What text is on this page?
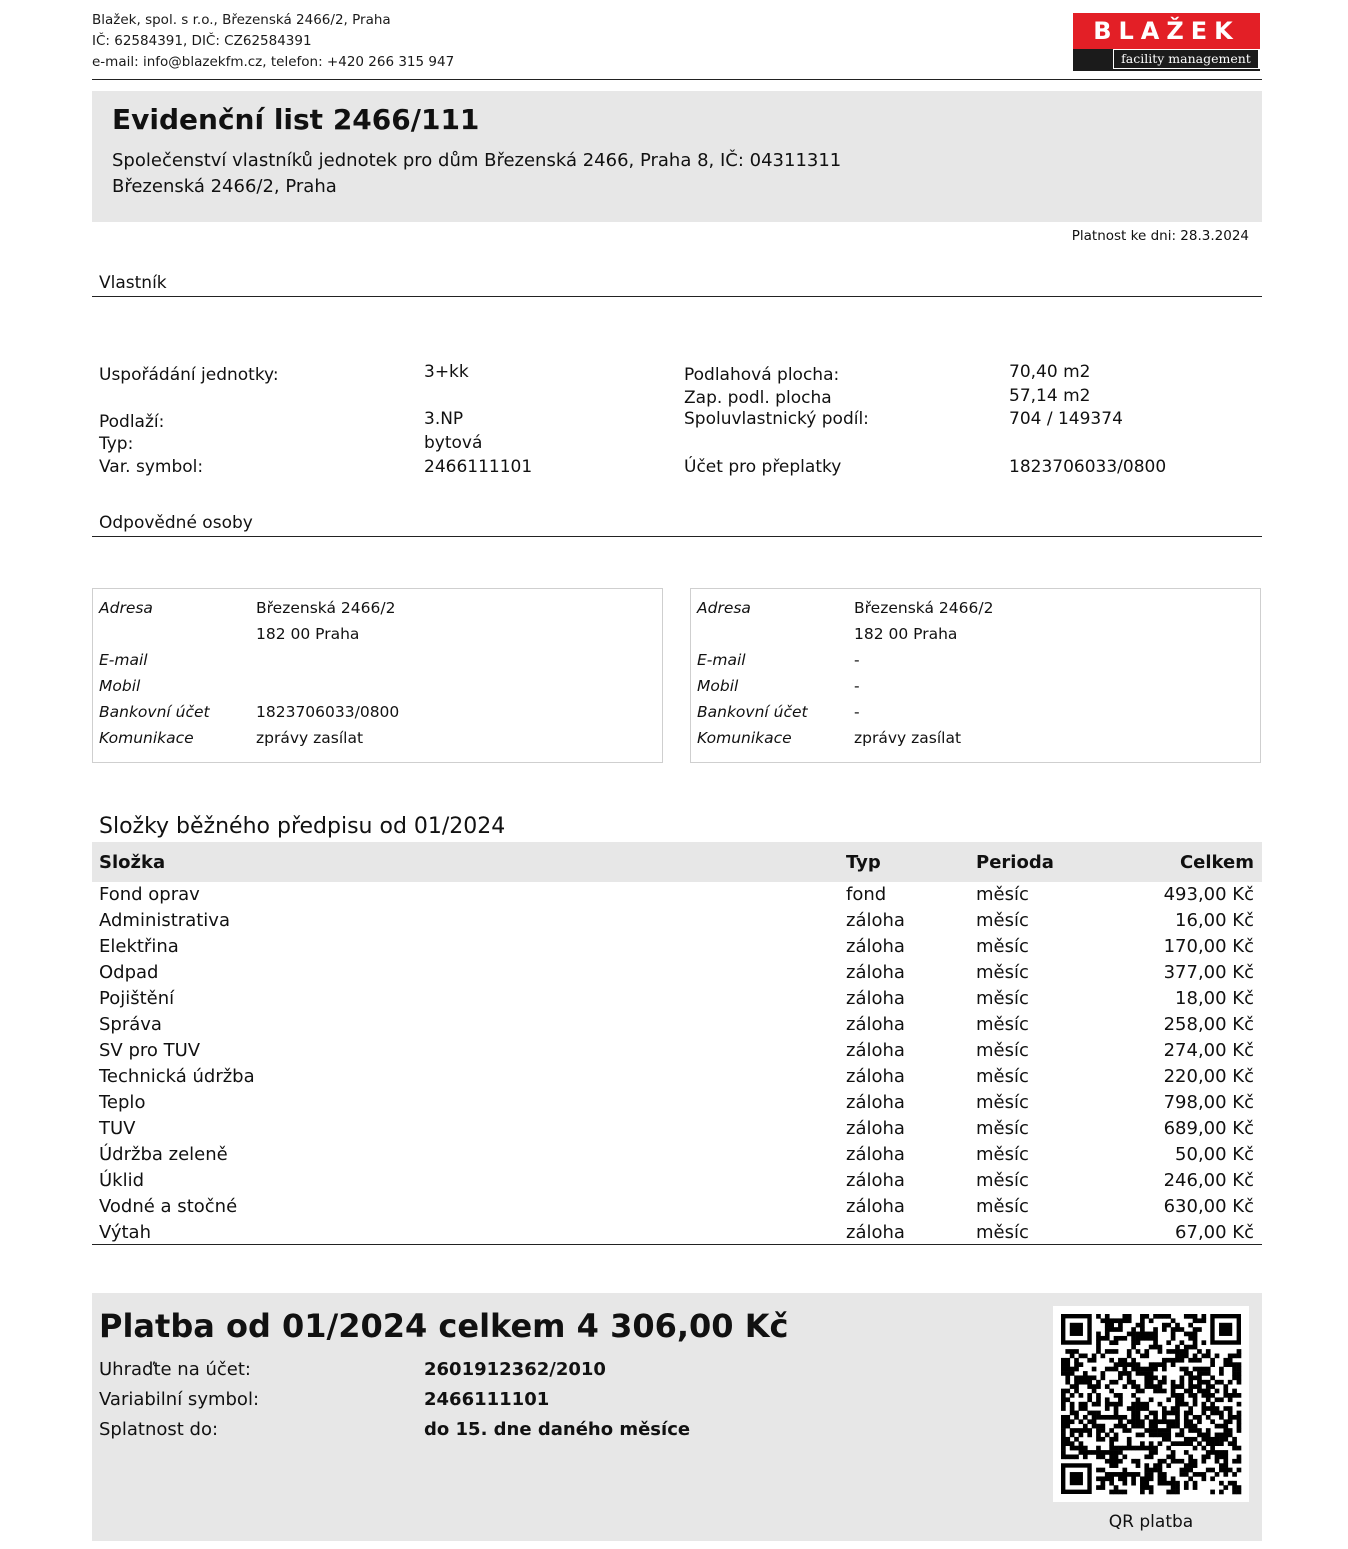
Blažek, spol. s r.o., Březenská 2466/2, Praha
IČ: 62584391, DIČ: CZ62584391
e-mail: info@blazekfm.cz, telefon: +420 266 315 947
BLAŽEK
facility management
Evidenční list 2466/111
Společenství vlastníků jednotek pro dům Březenská 2466, Praha 8, IČ: 04311311
Březenská 2466/2, Praha
Platnost ke dni: 28.3.2024
Vlastník
Uspořádání jednotky:	3+kk
Podlaží:	3.NP
Typ:	bytová
Var. symbol:	2466111101
Podlahová plocha:	70,40 m2
Zap. podl. plocha	57,14 m2
Spoluvlastnický podíl:	704 / 149374
Účet pro přeplatky	1823706033/0800
Odpovědné osoby
Adresa	Březenská 2466/2
182 00 Praha
E-mail
Mobil
Bankovní účet	1823706033/0800
Komunikace	zprávy zasílat
Adresa	Březenská 2466/2
182 00 Praha
E-mail	-
Mobil	-
Bankovní účet	-
Komunikace	zprávy zasílat
Složky běžného předpisu od 01/2024
Složka	Typ	Perioda	Celkem
Fond oprav	fond	měsíc	493,00 Kč
Administrativa	záloha	měsíc	16,00 Kč
Elektřina	záloha	měsíc	170,00 Kč
Odpad	záloha	měsíc	377,00 Kč
Pojištění	záloha	měsíc	18,00 Kč
Správa	záloha	měsíc	258,00 Kč
SV pro TUV	záloha	měsíc	274,00 Kč
Technická údržba	záloha	měsíc	220,00 Kč
Teplo	záloha	měsíc	798,00 Kč
TUV	záloha	měsíc	689,00 Kč
Údržba zeleně	záloha	měsíc	50,00 Kč
Úklid	záloha	měsíc	246,00 Kč
Vodné a stočné	záloha	měsíc	630,00 Kč
Výtah	záloha	měsíc	67,00 Kč
Platba od 01/2024 celkem 4 306,00 Kč
Uhraďte na účet:	2601912362/2010
Variabilní symbol:	2466111101
Splatnost do:	do 15. dne daného měsíce
QR platba
